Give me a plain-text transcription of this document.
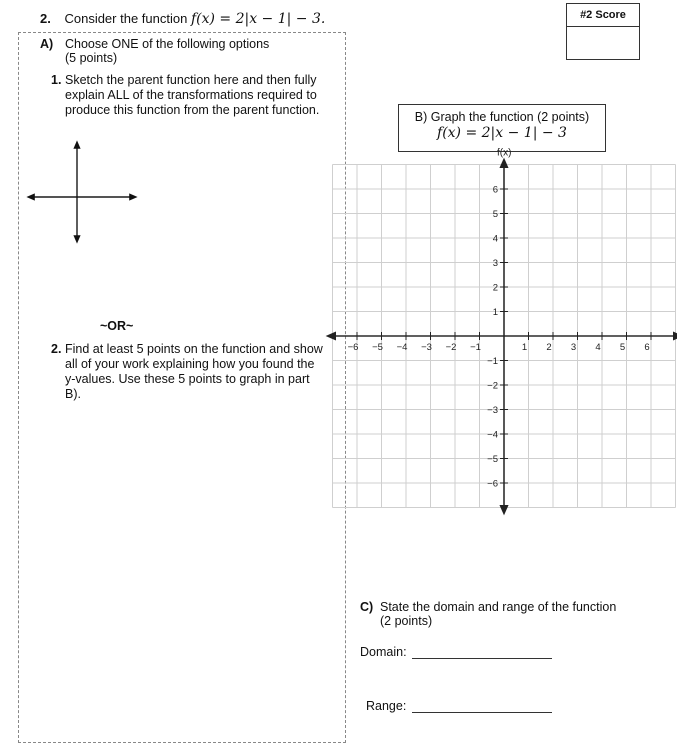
2. Consider the function f(x) = 2|x − 1| − 3.	#2 Score
A) Choose ONE of the following options
(5 points)
1. Sketch the parent function here and then fully explain ALL of the transformations required to produce this function from the parent function.
~OR~
2. Find at least 5 points on the function and show all of your work explaining how you found the y-values. Use these 5 points to graph in part B).
B) Graph the function (2 points)
f(x) = 2|x − 1| − 3
f(x)
−6 −5 −4 −3 −2 −1	1 2 3 4 5 6
1
2
3
4
5
6
−1
−2
−3
−4
−5
−6
C) State the domain and range of the function
(2 points)
Domain:
Range:
